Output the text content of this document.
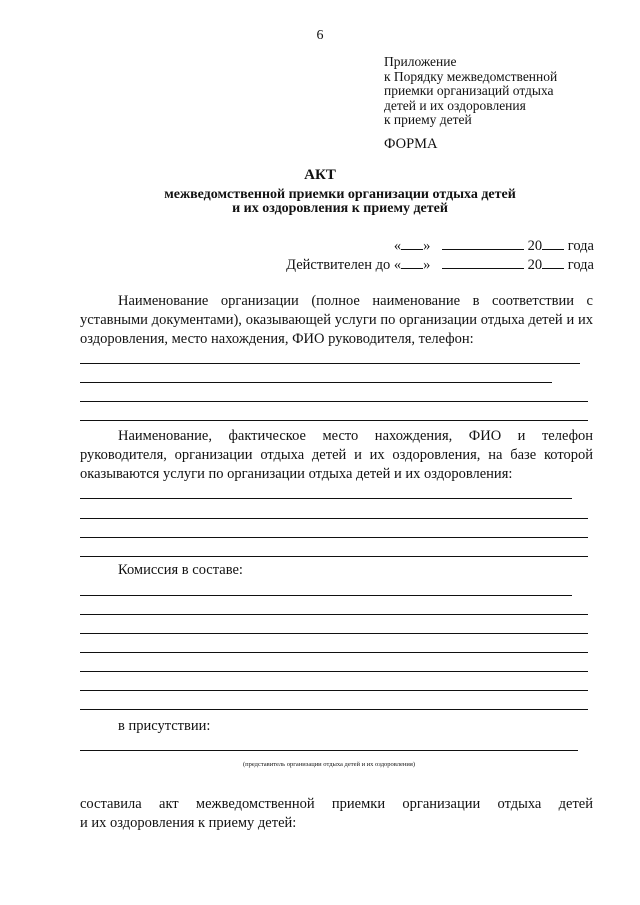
6
Приложение
к Порядку межведомственной
приемки организаций отдыха
детей и их оздоровления
к приему детей
ФОРМА
АКТ
межведомственной приемки организации отдыха детей
и их оздоровления к приему детей
« »	20 года
Действителен до « »	20 года
Наименование организации (полное наименование в соответствии с уставными документами), оказывающей услуги по организации отдыха детей и их оздоровления, место нахождения, ФИО руководителя, телефон:
Наименование, фактическое место нахождения, ФИО и телефон руководителя, организации отдыха детей и их оздоровления, на базе которой оказываются услуги по организации отдыха детей и их оздоровления:
Комиссия в составе:
в присутствии:
(представитель организации отдыха детей и их оздоровления)
составила акт межведомственной приемки организации отдыха детей
и их оздоровления к приему детей:
